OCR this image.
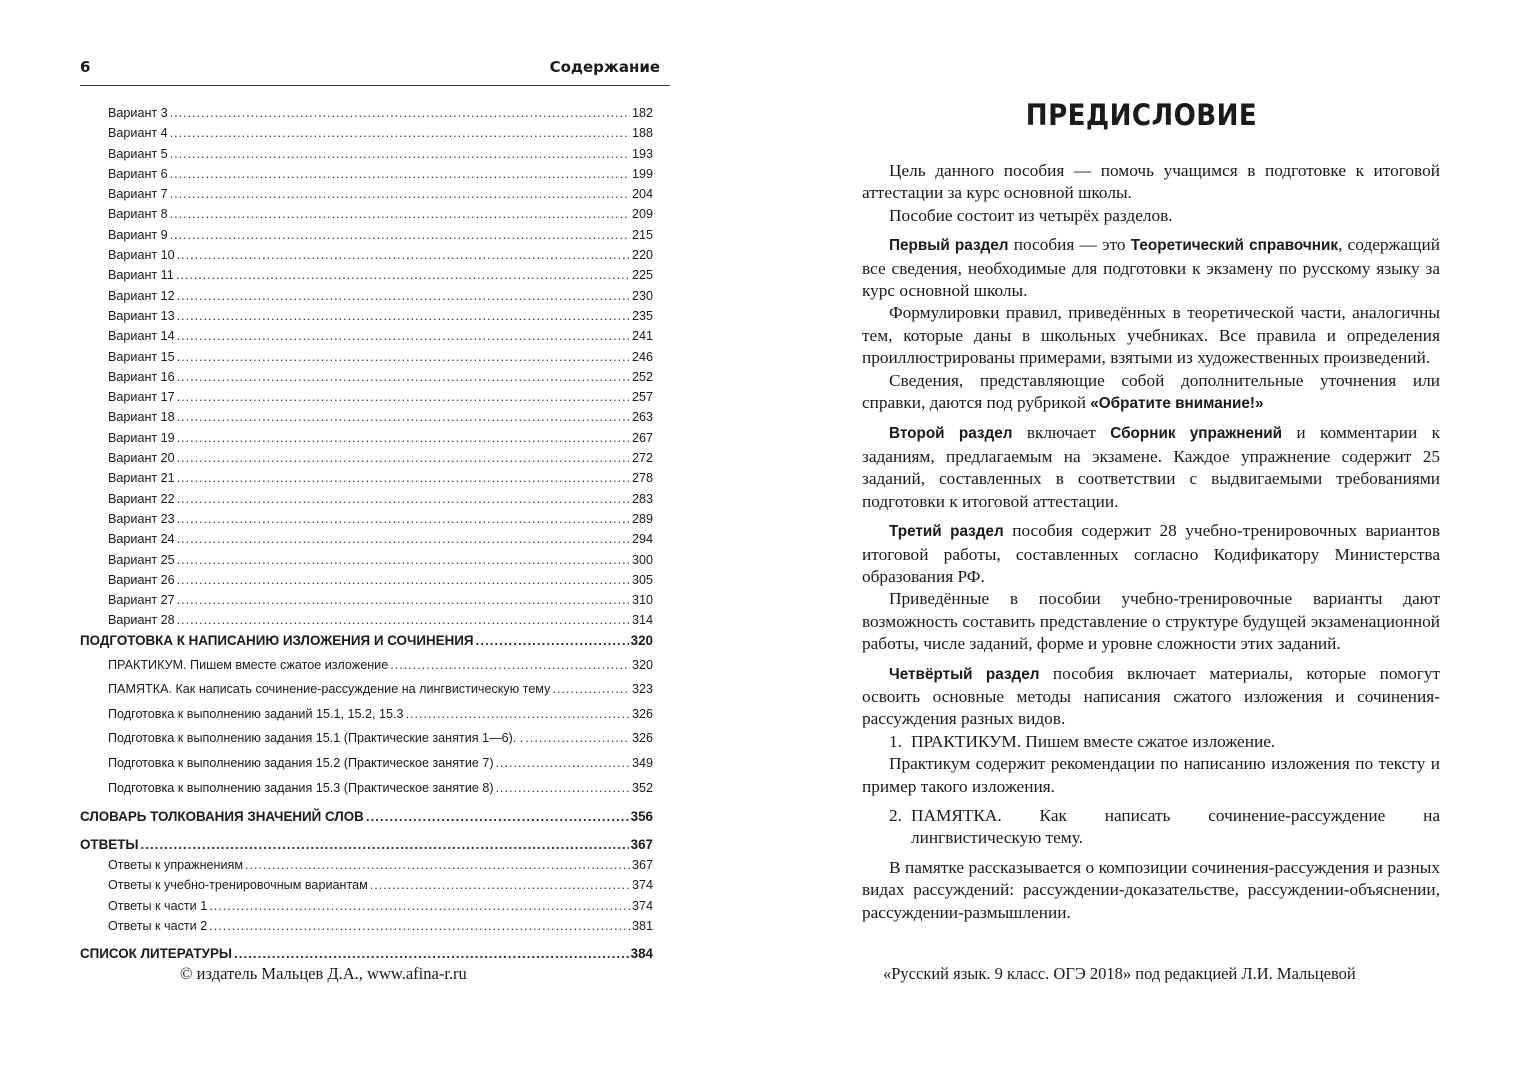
6	Содержание
Вариант 3 .....	182
Вариант 4 .....	188
Вариант 5 .....	193
Вариант 6 .....	199
Вариант 7 .....	204
Вариант 8 .....	209
Вариант 9 .....	215
Вариант 10 .....	220
Вариант 11 .....	225
Вариант 12 .....	230
Вариант 13 .....	235
Вариант 14 .....	241
Вариант 15 .....	246
Вариант 16 .....	252
Вариант 17 .....	257
Вариант 18 .....	263
Вариант 19 .....	267
Вариант 20 .....	272
Вариант 21 .....	278
Вариант 22 .....	283
Вариант 23 .....	289
Вариант 24 .....	294
Вариант 25 .....	300
Вариант 26 .....	305
Вариант 27 .....	310
Вариант 28 .....	314
ПОДГОТОВКА К НАПИСАНИЮ ИЗЛОЖЕНИЯ И СОЧИНЕНИЯ .....	320
ПРАКТИКУМ. Пишем вместе сжатое изложение .....	320
ПАМЯТКА. Как написать сочинение-рассуждение на лингвистическую тему .....	323
Подготовка к выполнению заданий 15.1, 15.2, 15.3 .....	326
Подготовка к выполнению задания 15.1 (Практические занятия 1—6). . .....	326
Подготовка к выполнению задания 15.2 (Практическое занятие 7) .....	349
Подготовка к выполнению задания 15.3 (Практическое занятие 8) .....	352
СЛОВАРЬ ТОЛКОВАНИЯ ЗНАЧЕНИЙ СЛОВ .....	356
ОТВЕТЫ .....	367
Ответы к упражнениям .....	367
Ответы к учебно-тренировочным вариантам .....	374
Ответы к части 1 .....	374
Ответы к части 2 .....	381
СПИСОК ЛИТЕРАТУРЫ .....	384
© издатель Мальцев Д.А., www.afina-r.ru
ПРЕДИСЛОВИЕ

Цель данного пособия — помочь учащимся в подготовке к итоговой аттестации за курс основной школы.

Пособие состоит из четырёх разделов.

Первый раздел пособия — это Теоретический справочник, содержащий все сведения, необходимые для подготовки к экзамену по русскому языку за курс основной школы.

Формулировки правил, приведённых в теоретической части, аналогичны тем, которые даны в школьных учебниках. Все правила и определения проиллюстрированы примерами, взятыми из художественных произведений.

Сведения, представляющие собой дополнительные уточнения или справки, даются под рубрикой «Обратите внимание!»

Второй раздел включает Сборник упражнений и комментарии к заданиям, предлагаемым на экзамене. Каждое упражнение содержит 25 заданий, составленных в соответствии с выдвигаемыми требованиями подготовки к итоговой аттестации.

Третий раздел пособия содержит 28 учебно-тренировочных вариантов итоговой работы, составленных согласно Кодификатору Министерства образования РФ.

Приведённые в пособии учебно-тренировочные варианты дают возможность составить представление о структуре будущей экзаменационной работы, числе заданий, форме и уровне сложности этих заданий.

Четвёртый раздел пособия включает материалы, которые помогут освоить основные методы написания сжатого изложения и сочинения-рассуждения разных видов.

1. ПРАКТИКУМ. Пишем вместе сжатое изложение.

Практикум содержит рекомендации по написанию изложения по тексту и пример такого изложения.

2. ПАМЯТКА. Как написать сочинение-рассуждение на лингвистическую тему.

В памятке рассказывается о композиции сочинения-рассуждения и разных видах рассуждений: рассуждении-доказательстве, рассуждении-объяснении, рассуждении-размышлении.

«Русский язык. 9 класс. ОГЭ 2018» под редакцией Л.И. Мальцевой
